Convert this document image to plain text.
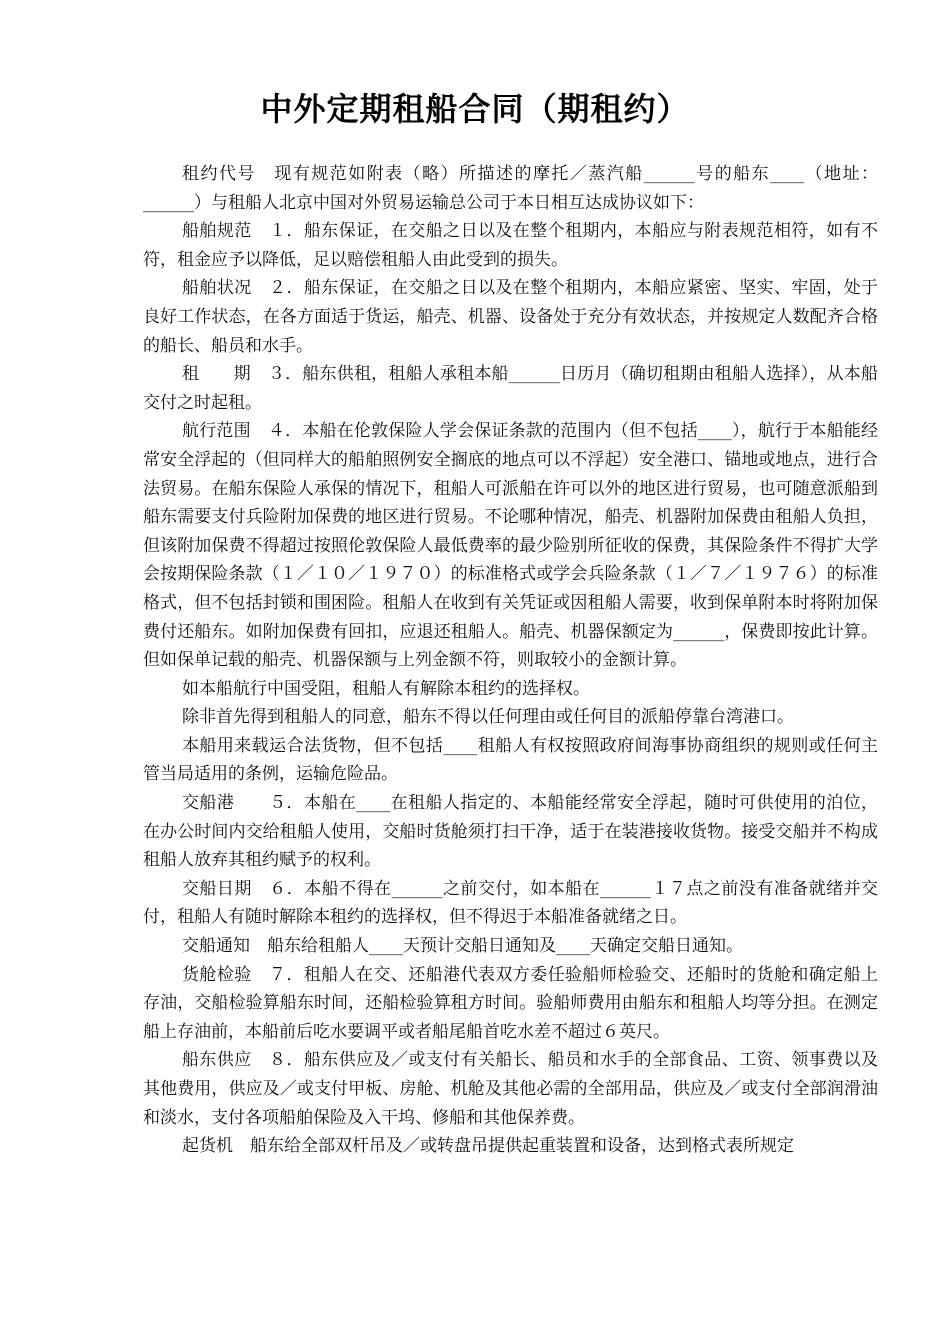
中外定期租船合同（期租约）

租约代号　现有规范如附表（略）所描述的摩托／蒸汽船______号的船东____（地址：______）与租船人北京中国对外贸易运输总公司于本日相互达成协议如下：

船舶规范　１．船东保证，在交船之日以及在整个租期内，本船应与附表规范相符，如有不符，租金应予以降低，足以赔偿租船人由此受到的损失。

船舶状况　２．船东保证，在交船之日以及在整个租期内，本船应紧密、坚实、牢固，处于良好工作状态，在各方面适于货运，船壳、机器、设备处于充分有效状态，并按规定人数配齐合格的船长、船员和水手。

租　　期　３．船东供租，租船人承租本船______日历月（确切租期由租船人选择），从本船交付之时起租。

航行范围　４．本船在伦敦保险人学会保证条款的范围内（但不包括____），航行于本船能经常安全浮起的（但同样大的船舶照例安全搁底的地点可以不浮起）安全港口、锚地或地点，进行合法贸易。在船东保险人承保的情况下，租船人可派船在许可以外的地区进行贸易，也可随意派船到船东需要支付兵险附加保费的地区进行贸易。不论哪种情况，船壳、机器附加保费由租船人负担，但该附加保费不得超过按照伦敦保险人最低费率的最少险别所征收的保费，其保险条件不得扩大学会按期保险条款（１／１０／１９７０）的标准格式或学会兵险条款（１／７／１９７６）的标准格式，但不包括封锁和围困险。租船人在收到有关凭证或因租船人需要，收到保单附本时将附加保费付还船东。如附加保费有回扣，应退还租船人。船壳、机器保额定为______，保费即按此计算。但如保单记载的船壳、机器保额与上列金额不符，则取较小的金额计算。

如本船航行中国受阻，租船人有解除本租约的选择权。

除非首先得到租船人的同意，船东不得以任何理由或任何目的派船停靠台湾港口。

本船用来载运合法货物，但不包括____租船人有权按照政府间海事协商组织的规则或任何主管当局适用的条例，运输危险品。

交船港　　５．本船在____在租船人指定的、本船能经常安全浮起，随时可供使用的泊位，在办公时间内交给租船人使用，交船时货舱须打扫干净，适于在装港接收货物。接受交船并不构成租船人放弃其租约赋予的权利。

交船日期　６．本船不得在______之前交付，如本船在______１７点之前没有准备就绪并交付，租船人有随时解除本租约的选择权，但不得迟于本船准备就绪之日。

交船通知　船东给租船人____天预计交船日通知及____天确定交船日通知。

货舱检验　７．租船人在交、还船港代表双方委任验船师检验交、还船时的货舱和确定船上存油，交船检验算船东时间，还船检验算租方时间。验船师费用由船东和租船人均等分担。在测定船上存油前，本船前后吃水要调平或者船尾船首吃水差不超过６英尺。

船东供应　８．船东供应及／或支付有关船长、船员和水手的全部食品、工资、领事费以及其他费用，供应及／或支付甲板、房舱、机舱及其他必需的全部用品，供应及／或支付全部润滑油和淡水，支付各项船舶保险及入干坞、修船和其他保养费。

起货机　船东给全部双杆吊及／或转盘吊提供起重装置和设备，达到格式表所规定
